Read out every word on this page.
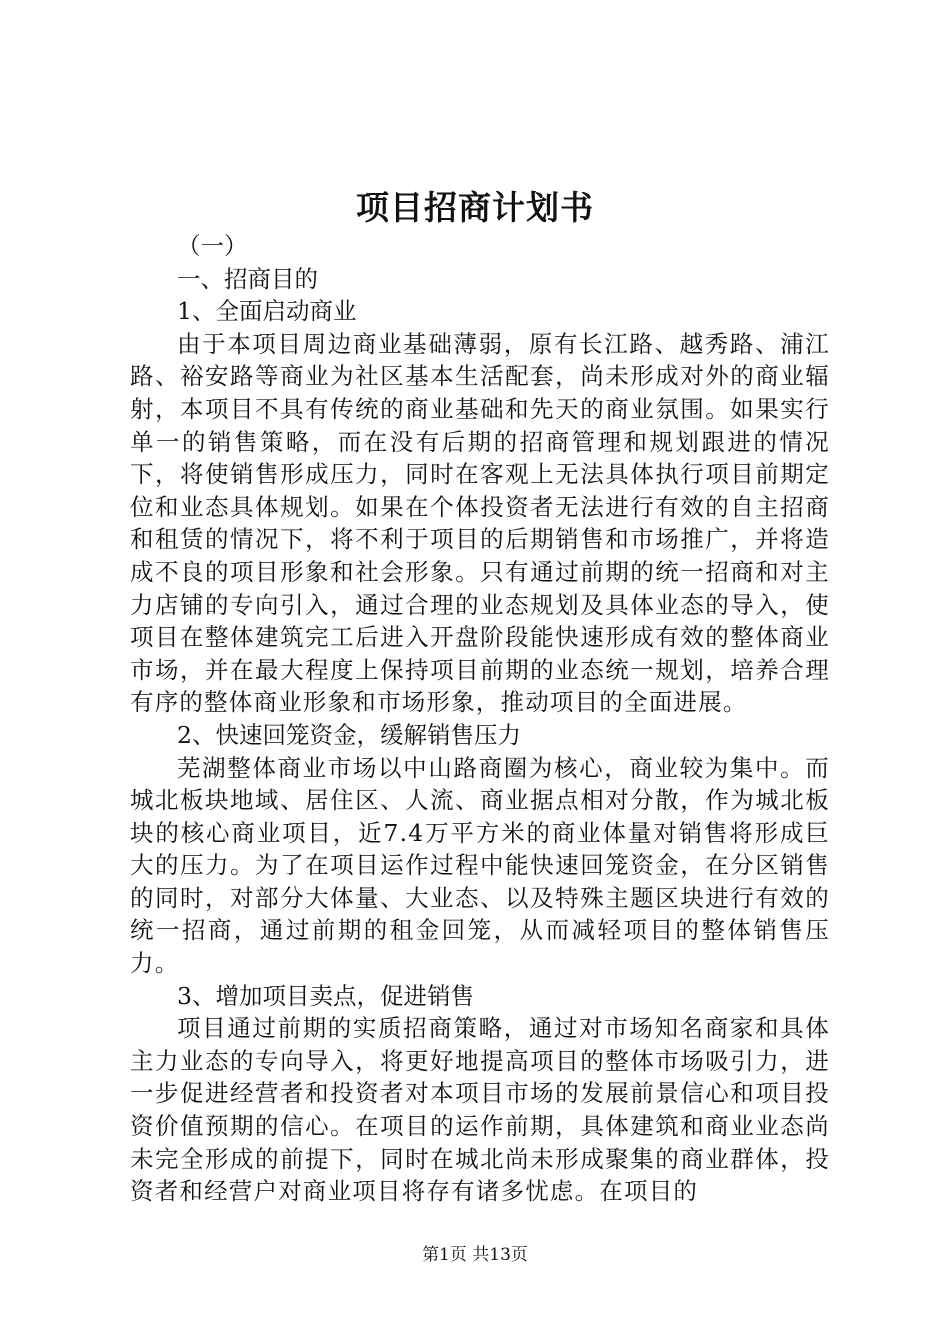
项目招商计划书

（一）

一、招商目的

1、全面启动商业

由于本项目周边商业基础薄弱，原有长江路、越秀路、浦江路、裕安路等商业为社区基本生活配套，尚未形成对外的商业辐射，本项目不具有传统的商业基础和先天的商业氛围。如果实行单一的销售策略，而在没有后期的招商管理和规划跟进的情况下，将使销售形成压力，同时在客观上无法具体执行项目前期定位和业态具体规划。如果在个体投资者无法进行有效的自主招商和租赁的情况下，将不利于项目的后期销售和市场推广，并将造成不良的项目形象和社会形象。只有通过前期的统一招商和对主力店铺的专向引入，通过合理的业态规划及具体业态的导入，使项目在整体建筑完工后进入开盘阶段能快速形成有效的整体商业市场，并在最大程度上保持项目前期的业态统一规划，培养合理有序的整体商业形象和市场形象，推动项目的全面进展。

2、快速回笼资金，缓解销售压力

芜湖整体商业市场以中山路商圈为核心，商业较为集中。而城北板块地域、居住区、人流、商业据点相对分散，作为城北板块的核心商业项目，近7.4万平方米的商业体量对销售将形成巨大的压力。为了在项目运作过程中能快速回笼资金，在分区销售的同时，对部分大体量、大业态、以及特殊主题区块进行有效的统一招商，通过前期的租金回笼，从而减轻项目的整体销售压力。

3、增加项目卖点，促进销售

项目通过前期的实质招商策略，通过对市场知名商家和具体主力业态的专向导入，将更好地提高项目的整体市场吸引力，进一步促进经营者和投资者对本项目市场的发展前景信心和项目投资价值预期的信心。在项目的运作前期，具体建筑和商业业态尚未完全形成的前提下，同时在城北尚未形成聚集的商业群体，投资者和经营户对商业项目将存有诸多忧虑。在项目的

第1页 共13页
